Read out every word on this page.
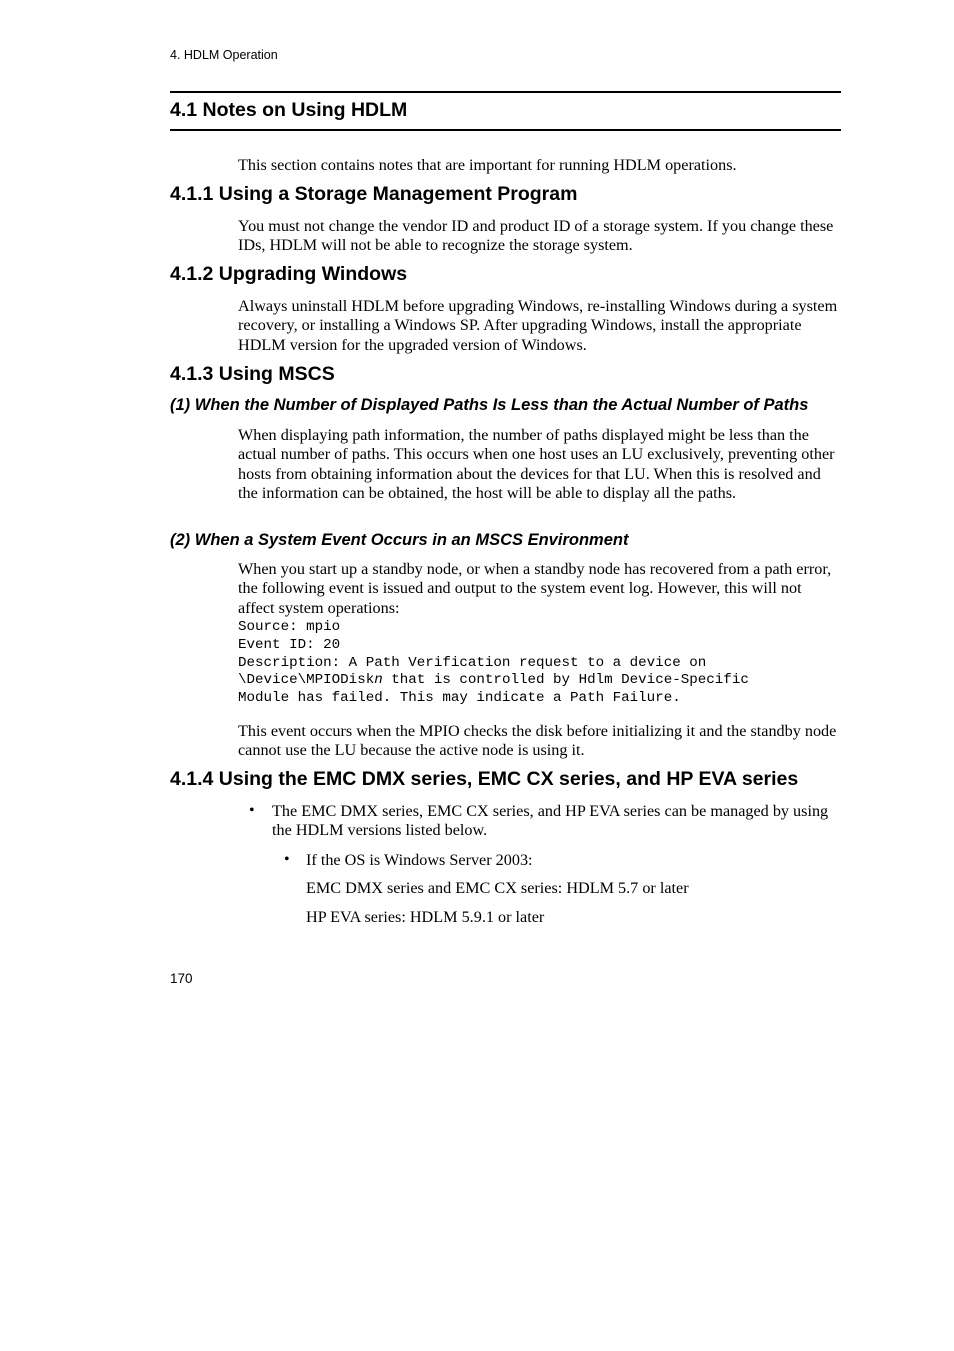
4. HDLM Operation
4.1 Notes on Using HDLM
This section contains notes that are important for running HDLM operations.
4.1.1 Using a Storage Management Program
You must not change the vendor ID and product ID of a storage system. If you change these IDs, HDLM will not be able to recognize the storage system.
4.1.2 Upgrading Windows
Always uninstall HDLM before upgrading Windows, re-installing Windows during a system recovery, or installing a Windows SP. After upgrading Windows, install the appropriate HDLM version for the upgraded version of Windows.
4.1.3 Using MSCS
(1) When the Number of Displayed Paths Is Less than the Actual Number of Paths
When displaying path information, the number of paths displayed might be less than the actual number of paths. This occurs when one host uses an LU exclusively, preventing other hosts from obtaining information about the devices for that LU. When this is resolved and the information can be obtained, the host will be able to display all the paths.
(2) When a System Event Occurs in an MSCS Environment
When you start up a standby node, or when a standby node has recovered from a path error, the following event is issued and output to the system event log. However, this will not affect system operations:
Source: mpio
Event ID: 20
Description: A Path Verification request to a device on
\Device\MPIODiskn that is controlled by Hdlm Device-Specific
Module has failed. This may indicate a Path Failure.
This event occurs when the MPIO checks the disk before initializing it and the standby node cannot use the LU because the active node is using it.
4.1.4 Using the EMC DMX series, EMC CX series, and HP EVA series
• The EMC DMX series, EMC CX series, and HP EVA series can be managed by using the HDLM versions listed below.
• If the OS is Windows Server 2003:
EMC DMX series and EMC CX series: HDLM 5.7 or later
HP EVA series: HDLM 5.9.1 or later
170
